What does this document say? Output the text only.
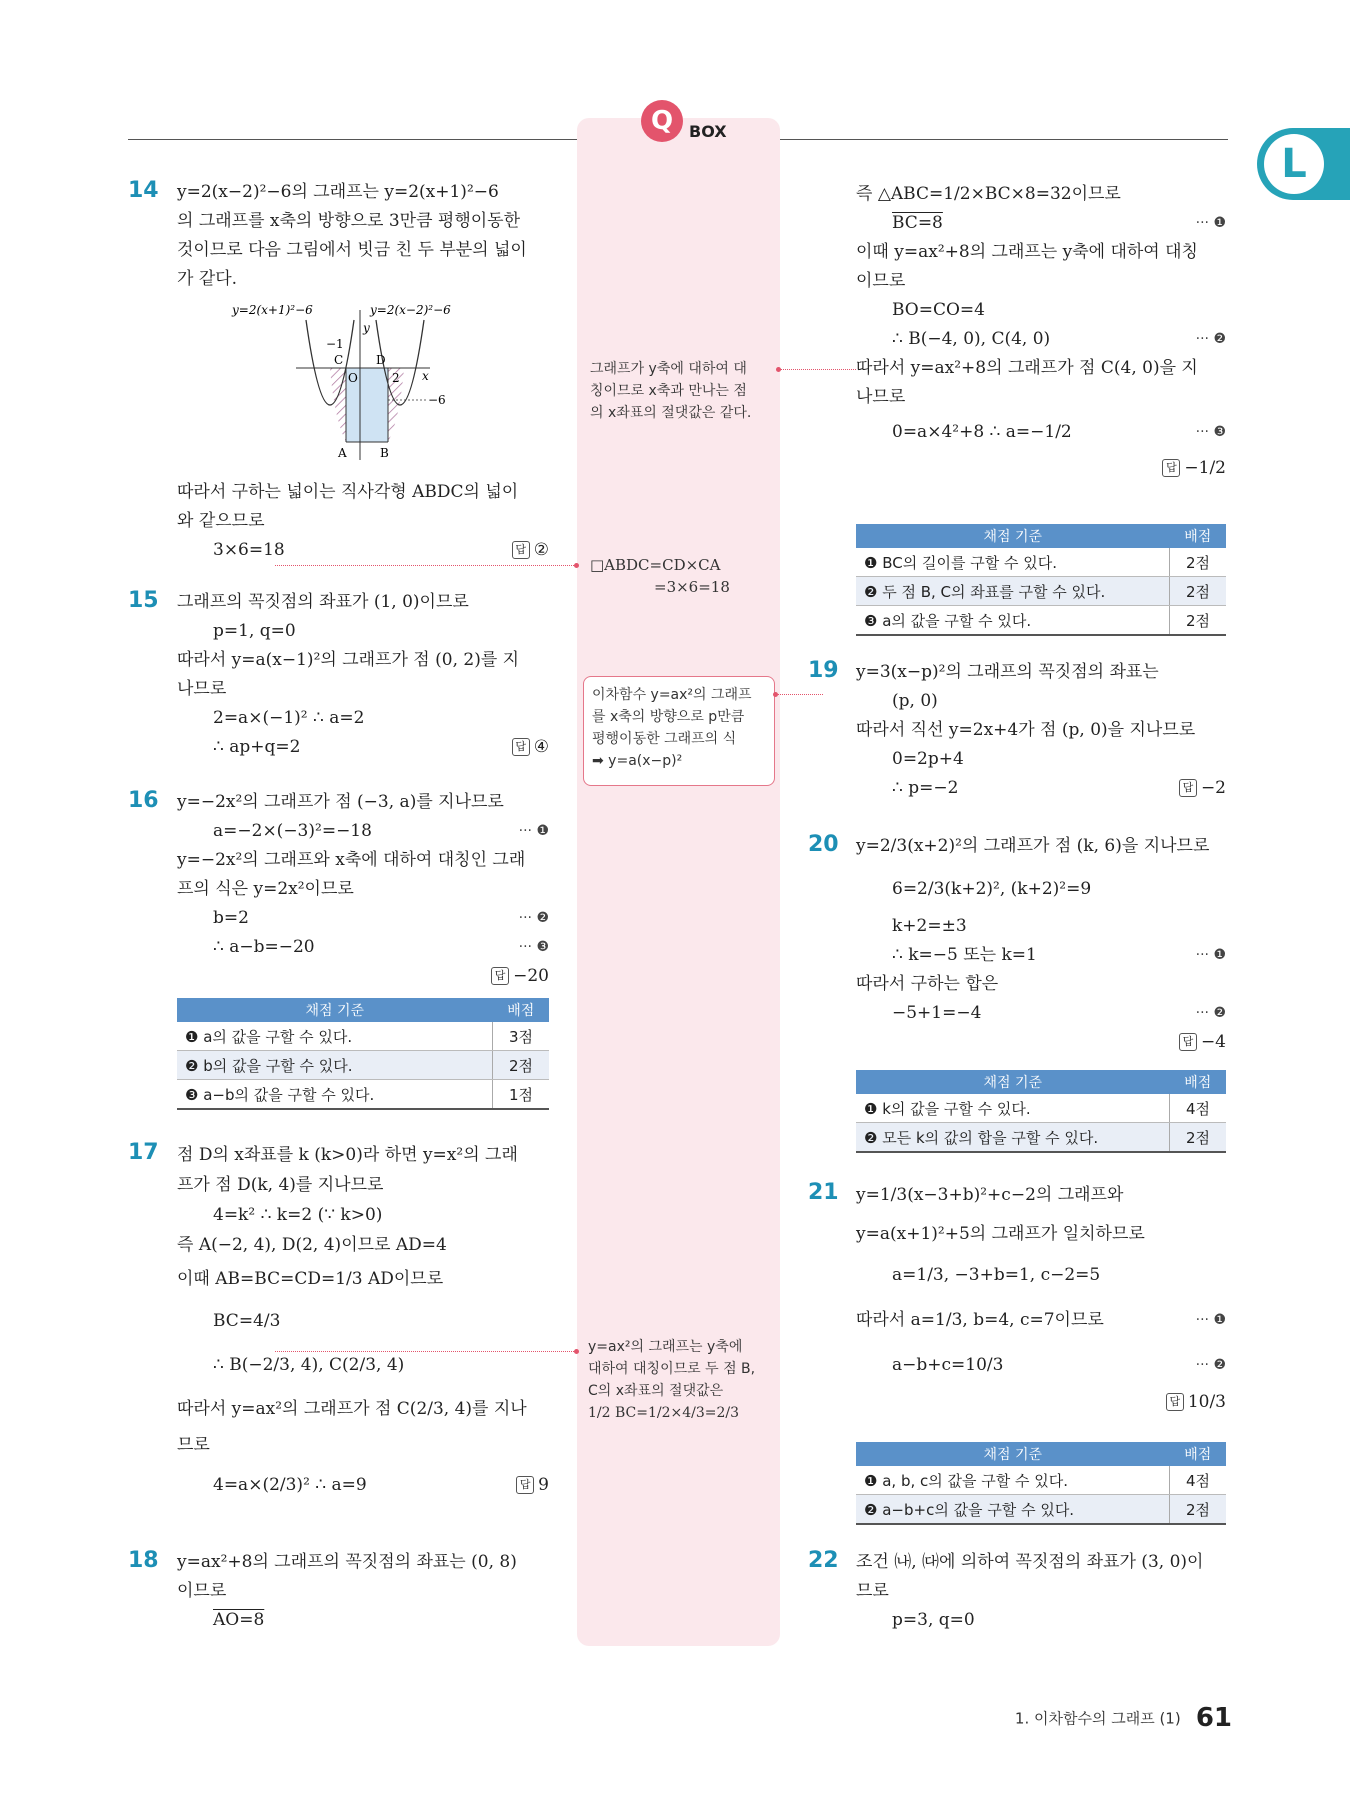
Q BOX
L
14 y=2(x−2)²−6의 그래프는 y=2(x+1)²−6
의 그래프를 x축의 방향으로 3만큼 평행이동한
것이므로 다음 그림에서 빗금 친 두 부분의 넓이
가 같다.
y=2(x+1)²−6	y=2(x−2)²−6
y
x
O
−1
C	D
2
−6
A	B
따라서 구하는 넓이는 직사각형 ABDC의 넓이
와 같으므로
3×6=18	답 ②
15 그래프의 꼭짓점의 좌표가 (1, 0)이므로
p=1, q=0
따라서 y=a(x−1)²의 그래프가 점 (0, 2)를 지
나므로
2=a×(−1)² ∴ a=2
∴ ap+q=2	답 ④
16 y=−2x²의 그래프가 점 (−3, a)를 지나므로
a=−2×(−3)²=−18	··· ❶
y=−2x²의 그래프와 x축에 대하여 대칭인 그래
프의 식은 y=2x²이므로
b=2	··· ❷
∴ a−b=−20	··· ❸
답 −20
채점 기준	배점
❶ a의 값을 구할 수 있다.	3점
❷ b의 값을 구할 수 있다.	2점
❸ a−b의 값을 구할 수 있다.	1점
17 점 D의 x좌표를 k (k>0)라 하면 y=x²의 그래
프가 점 D(k, 4)를 지나므로
4=k² ∴ k=2 (∵ k>0)
즉 A(−2, 4), D(2, 4)이므로 AD=4
이때 AB=BC=CD=1/3 AD이므로
BC=4/3
∴ B(−2/3, 4), C(2/3, 4)
따라서 y=ax²의 그래프가 점 C(2/3, 4)를 지나
므로
4=a×(2/3)² ∴ a=9	답 9
18 y=ax²+8의 그래프의 꼭짓점의 좌표는 (0, 8)
이므로
AO=8
그래프가 y축에 대하여 대
칭이므로 x축과 만나는 점
의 x좌표의 절댓값은 같다.
□ABDC=CD×CA
=3×6=18
이차함수 y=ax²의 그래프
를 x축의 방향으로 p만큼
평행이동한 그래프의 식
➡ y=a(x−p)²
y=ax²의 그래프는 y축에
대하여 대칭이므로 두 점 B,
C의 x좌표의 절댓값은
1/2 BC=1/2×4/3=2/3
즉 △ABC=1/2×BC×8=32이므로
BC=8	··· ❶
이때 y=ax²+8의 그래프는 y축에 대하여 대칭
이므로
BO=CO=4
∴ B(−4, 0), C(4, 0)	··· ❷
따라서 y=ax²+8의 그래프가 점 C(4, 0)을 지
나므로
0=a×4²+8 ∴ a=−1/2	··· ❸
답 −1/2
채점 기준	배점
❶ BC의 길이를 구할 수 있다.	2점
❷ 두 점 B, C의 좌표를 구할 수 있다.	2점
❸ a의 값을 구할 수 있다.	2점
19 y=3(x−p)²의 그래프의 꼭짓점의 좌표는
(p, 0)
따라서 직선 y=2x+4가 점 (p, 0)을 지나므로
0=2p+4
∴ p=−2	답 −2
20 y=2/3(x+2)²의 그래프가 점 (k, 6)을 지나므로
6=2/3(k+2)², (k+2)²=9
k+2=±3
∴ k=−5 또는 k=1	··· ❶
따라서 구하는 합은
−5+1=−4	··· ❷
답 −4
채점 기준	배점
❶ k의 값을 구할 수 있다.	4점
❷ 모든 k의 값의 합을 구할 수 있다.	2점
21 y=1/3(x−3+b)²+c−2의 그래프와
y=a(x+1)²+5의 그래프가 일치하므로
a=1/3, −3+b=1, c−2=5
따라서 a=1/3, b=4, c=7이므로	··· ❶
a−b+c=10/3	··· ❷
답 10/3
채점 기준	배점
❶ a, b, c의 값을 구할 수 있다.	4점
❷ a−b+c의 값을 구할 수 있다.	2점
22 조건 ㈏, ㈐에 의하여 꼭짓점의 좌표가 (3, 0)이
므로
p=3, q=0
1. 이차함수의 그래프 (1) 61
